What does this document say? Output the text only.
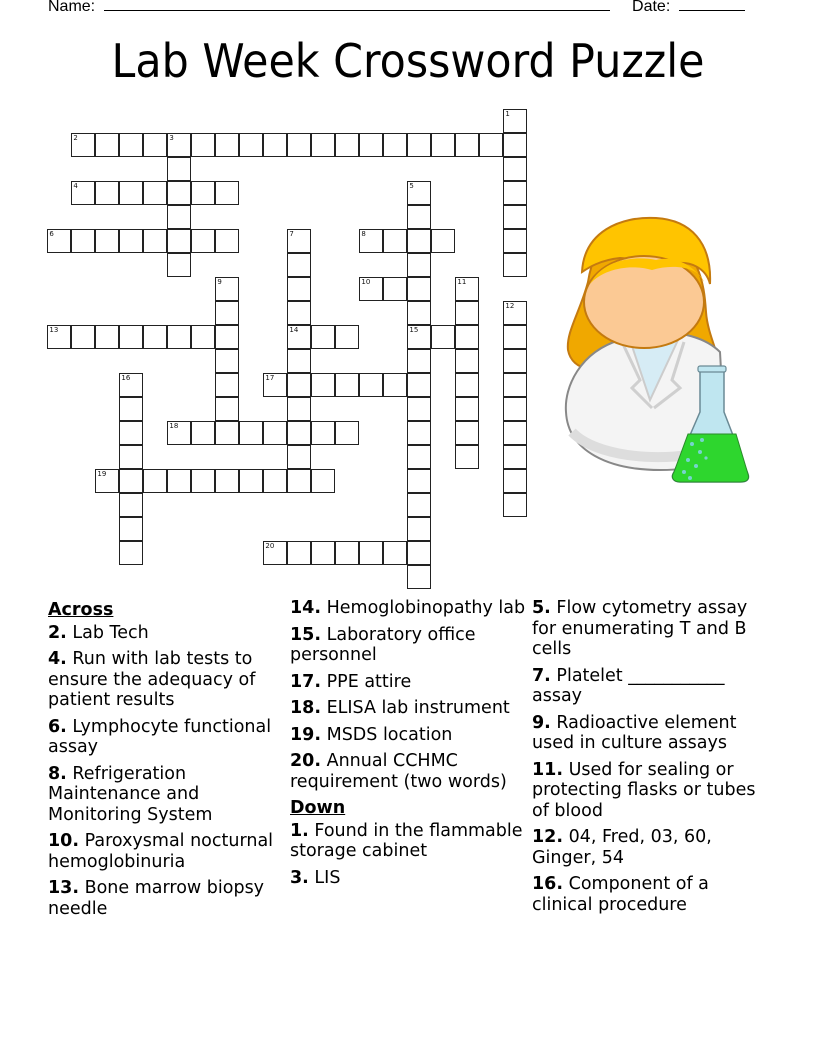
Name:	Date:
Lab Week Crossword Puzzle
2	3
4
6	8
10
13	14	15
17
18
19
20
1
5
7
9	11
12
16
Across
2. Lab Tech
4. Run with lab tests to ensure the adequacy of patient results
6. Lymphocyte functional assay
8. Refrigeration Maintenance and Monitoring System
10. Paroxysmal nocturnal hemoglobinuria
13. Bone marrow biopsy needle
14. Hemoglobinopathy lab
15. Laboratory office personnel
17. PPE attire
18. ELISA lab instrument
19. MSDS location
20. Annual CCHMC requirement (two words)
Down
1. Found in the flammable storage cabinet
3. LIS
5. Flow cytometry assay for enumerating T and B cells
7. Platelet ___________ assay
9. Radioactive element used in culture assays
11. Used for sealing or protecting flasks or tubes of blood
12. 04, Fred, 03, 60, Ginger, 54
16. Component of a clinical procedure
